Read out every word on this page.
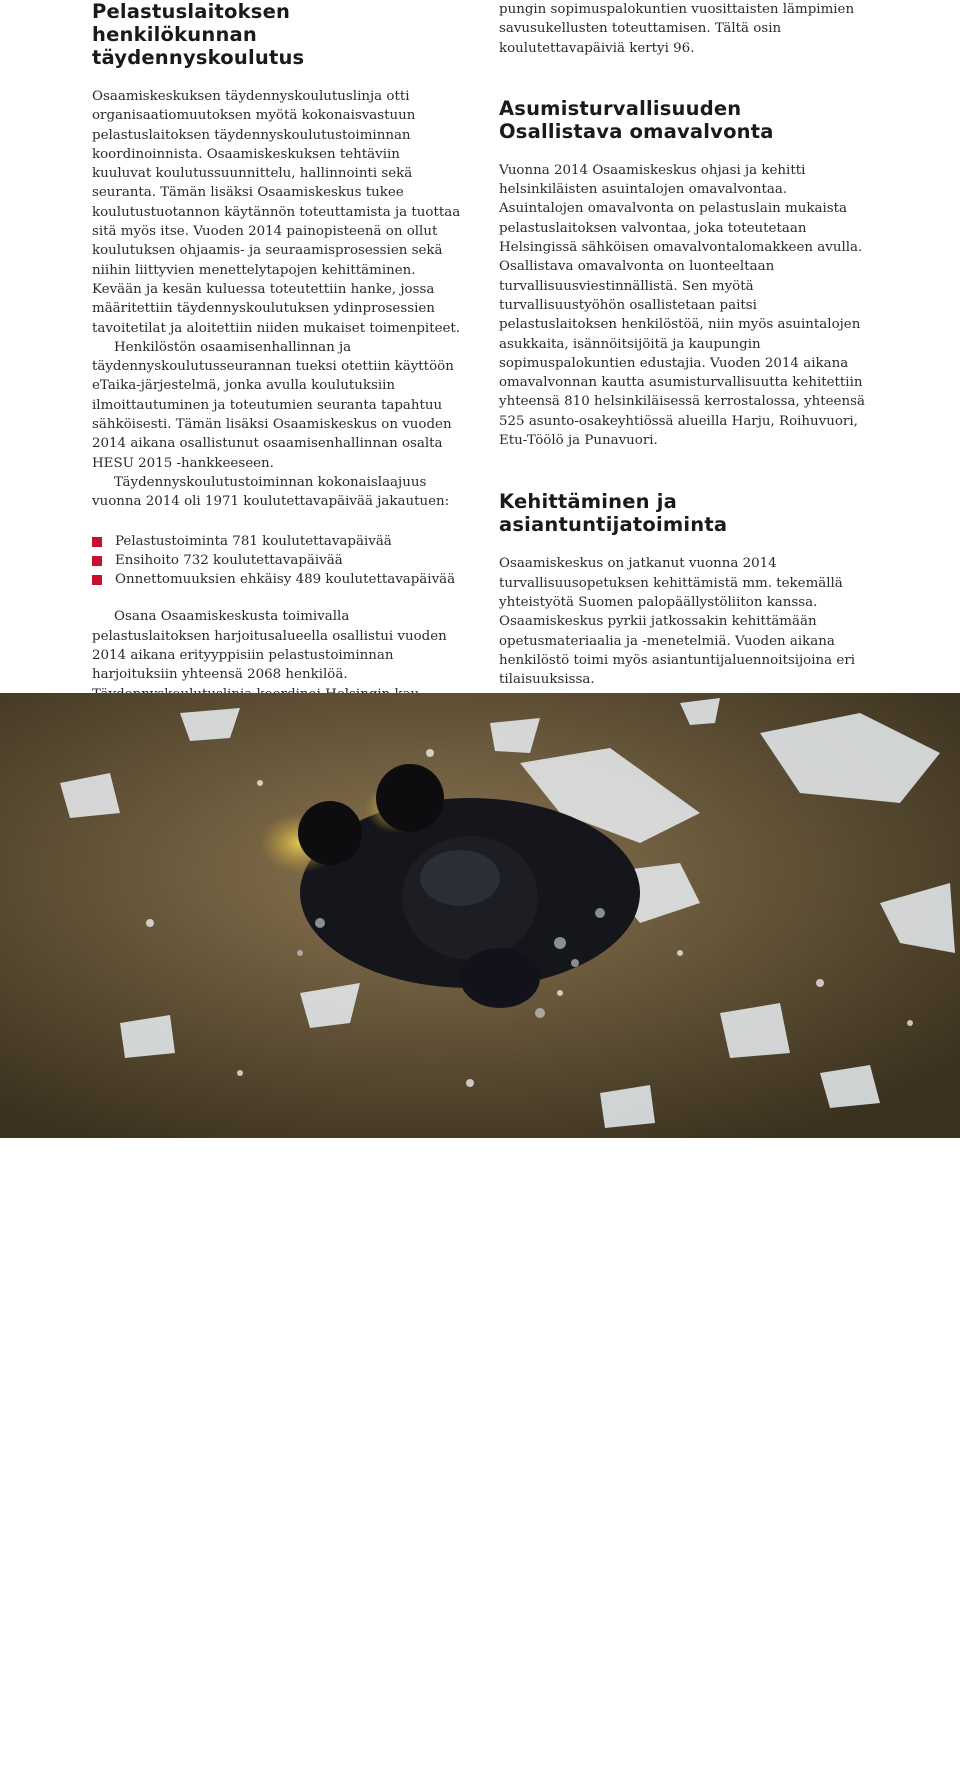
Pelastuslaitoksen henkilökunnan täydennyskoulutus

Osaamiskeskuksen täydennyskoulutuslinja otti organisaatiomuutoksen myötä kokonaisvastuun pelastuslaitoksen täydennyskoulutustoiminnan koordinoinnista. Osaamiskeskuksen tehtäviin kuuluvat koulutussuunnittelu, hallinnointi sekä seuranta. Tämän lisäksi Osaamiskeskus tukee koulutustuotannon käytännön toteuttamista ja tuottaa sitä myös itse. Vuoden 2014 painopisteenä on ollut koulutuksen ohjaamis- ja seuraamisprosessien sekä niihin liittyvien menettelytapojen kehittäminen. Kevään ja kesän kuluessa toteutettiin hanke, jossa määritettiin täydennyskoulutuksen ydinprosessien tavoitetilat ja aloitettiin niiden mukaiset toimenpiteet.

Henkilöstön osaamisenhallinnan ja täydennyskoulutusseurannan tueksi otettiin käyttöön eTaika-järjestelmä, jonka avulla koulutuksiin ilmoittautuminen ja toteutumien seuranta tapahtuu sähköisesti. Tämän lisäksi Osaamiskeskus on vuoden 2014 aikana osallistunut osaamisenhallinnan osalta HESU 2015 -hankkeeseen.

Täydennyskoulutustoiminnan kokonaislaajuus vuonna 2014 oli 1971 koulutettavapäivää jakautuen:

Pelastustoiminta 781 koulutettavapäivää
Ensihoito 732 koulutettavapäivää
Onnettomuuksien ehkäisy 489 koulutettavapäivää

Osana Osaamiskeskusta toimivalla pelastuslaitoksen harjoitusalueella osallistui vuoden 2014 aikana erityyppisiin pelastustoiminnan harjoituksiin yhteensä 2068 henkilöä.

pungin sopimuspalokuntien vuosittaisten lämpimien savusukellusten toteuttamisen. Tältä osin koulutettavapäiviä kertyi 96.

Asumisturvallisuuden Osallistava omavalvonta

Vuonna 2014 Osaamiskeskus ohjasi ja kehitti helsinkiläisten asuintalojen omavalvontaa. Asuintalojen omavalvonta on pelastuslain mukaista pelastuslaitoksen valvontaa, joka toteutetaan Helsingissä sähköisen omavalvontalomakkeen avulla. Osallistava omavalvonta on luonteeltaan turvallisuusviestinnällistä. Sen myötä turvallisuustyöhön osallistetaan paitsi pelastuslaitoksen henkilöstöä, niin myös asuintalojen asukkaita, isännöitsijöitä ja kaupungin sopimuspalokuntien edustajia. Vuoden 2014 aikana omavalvonnan kautta asumisturvallisuutta kehitettiin yhteensä 810 helsinkiläisessä kerrostalossa, yhteensä 525 asunto-osakeyhtiössä alueilla Harju, Roihuvuori, Etu-Töölö ja Punavuori.

Kehittäminen ja asiantuntijatoiminta

Osaamiskeskus on jatkanut vuonna 2014 turvallisuusopetuksen kehittämistä mm. tekemällä yhteistyötä Suomen palopäällystöliiton kanssa. Osaamiskeskus pyrkii jatkossakin kehittämään opetusmateriaalia ja -menetelmiä. Vuoden aikana henkilöstö toimi myös asiantuntijaluennoitsijoina eri tilaisuuksissa.

16
